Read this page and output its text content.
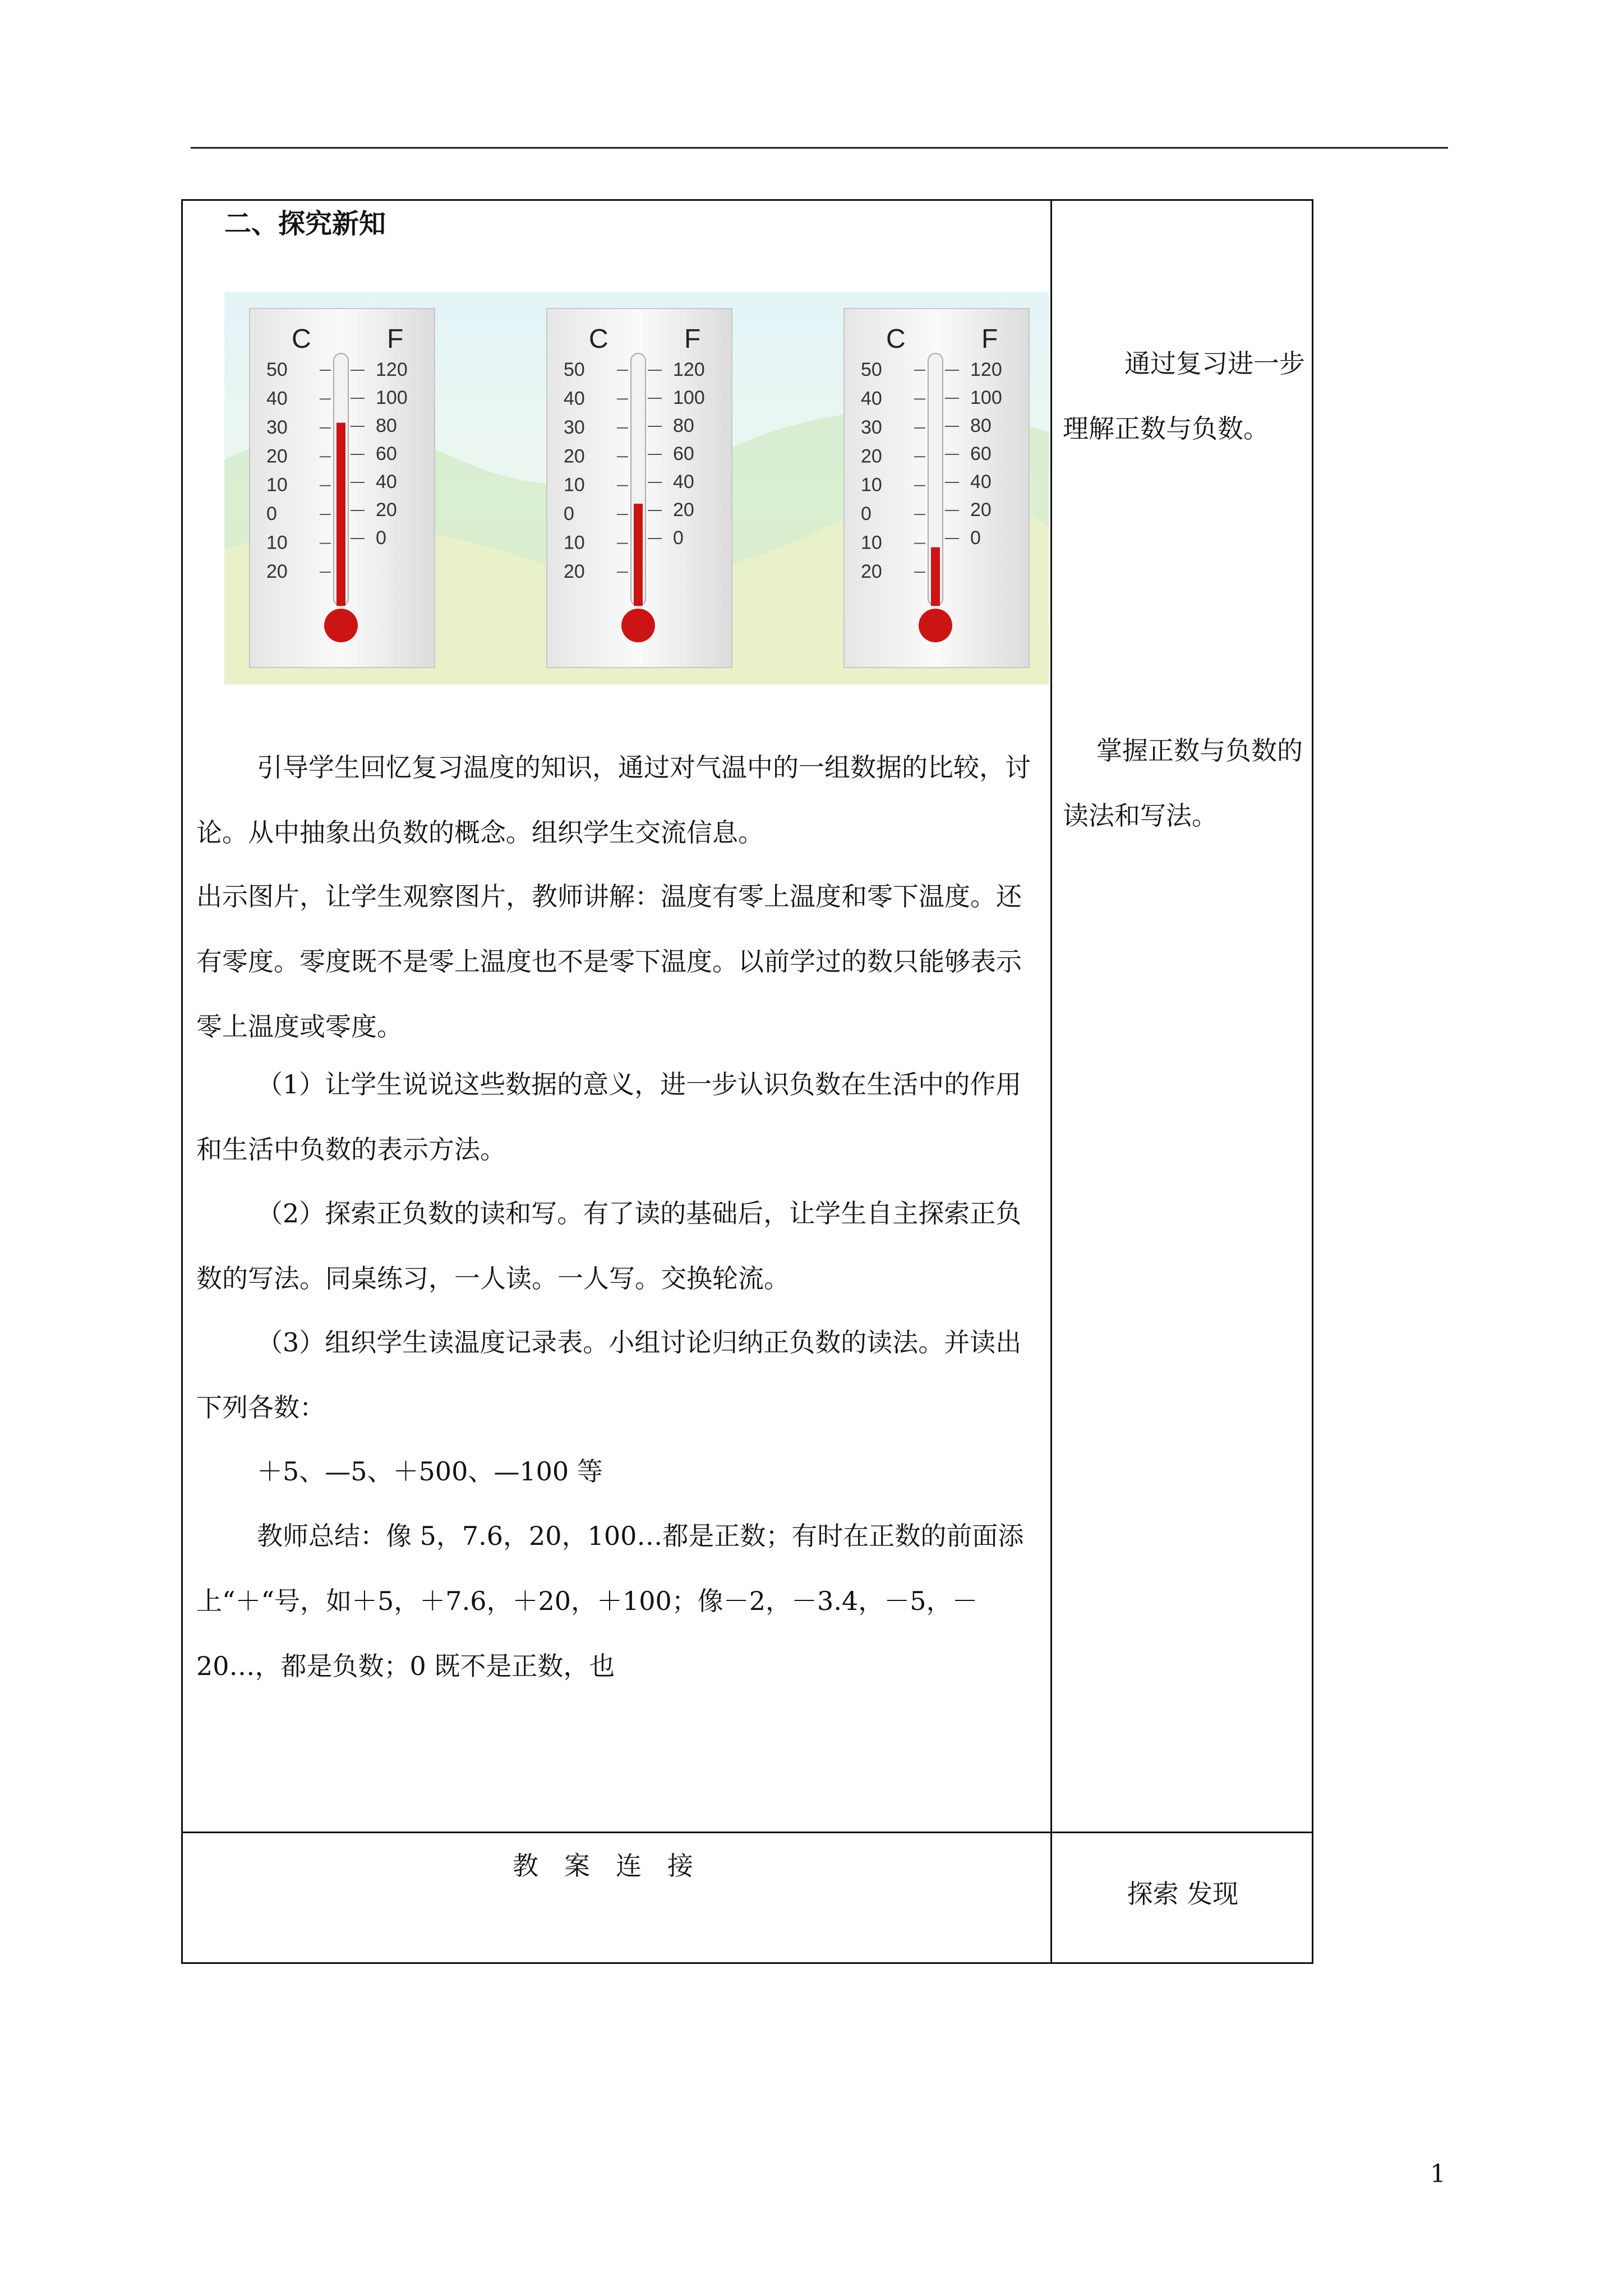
二、探究新知
C	F
50
40
30
20
10
0
10
20
120
100
80
60
40
20
0
C	F
50
40
30
20
10
0
10
20
120
100
80
60
40
20
0
C	F
50
40
30
20
10
0
10
20
120
100
80
60
40
20
0
引导学生回忆复习温度的知识，通过对气温中的一组数据的比较，讨论。从中抽象出负数的概念。组织学生交流信息。
出示图片，让学生观察图片，教师讲解：温度有零上温度和零下温度。还有零度。零度既不是零上温度也不是零下温度。以前学过的数只能够表示零上温度或零度。
（1）让学生说说这些数据的意义，进一步认识负数在生活中的作用和生活中负数的表示方法。
（2）探索正负数的读和写。有了读的基础后，让学生自主探索正负数的写法。同桌练习，一人读。一人写。交换轮流。
（3）组织学生读温度记录表。小组讨论归纳正负数的读法。并读出下列各数：
＋5、—5、＋500、—100 等
教师总结：像 5，7.6，20，100…都是正数；有时在正数的前面添上“＋“号，如＋5，＋7.6，＋20，＋100；像－2，－3.4，－5，－20…，都是负数；0 既不是正数，也
通过复习进一步理解正数与负数。
掌握正数与负数的读法和写法。
教案连接
探索 发现
1
